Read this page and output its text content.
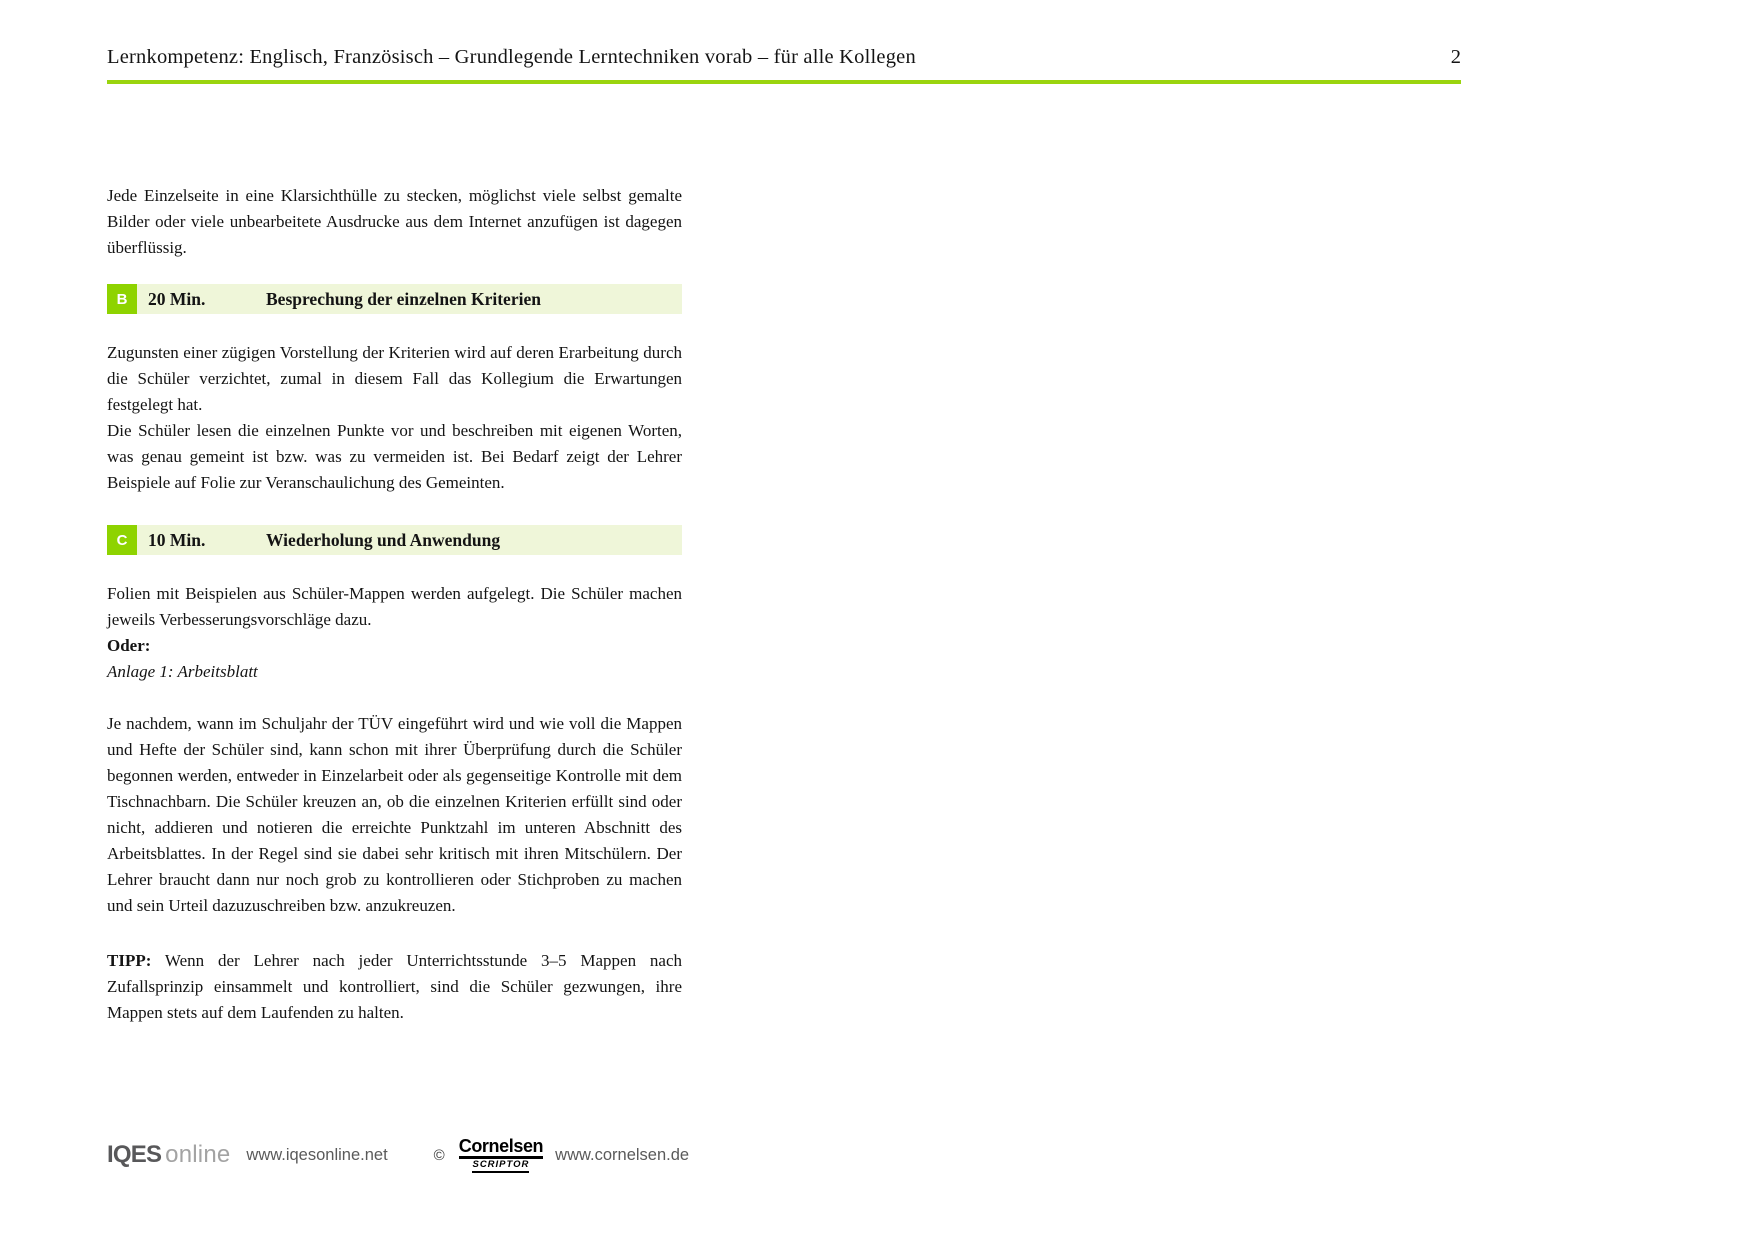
Lernkompetenz: Englisch, Französisch – Grundlegende Lerntechniken vorab – für alle Kollegen	2

Jede Einzelseite in eine Klarsichthülle zu stecken, möglichst viele selbst gemalte Bilder oder viele unbearbeitete Ausdrucke aus dem Internet anzufügen ist dagegen überflüssig.

B	20 Min.	Besprechung der einzelnen Kriterien

Zugunsten einer zügigen Vorstellung der Kriterien wird auf deren Erarbeitung durch die Schüler verzichtet, zumal in diesem Fall das Kollegium die Erwartungen festgelegt hat.

Die Schüler lesen die einzelnen Punkte vor und beschreiben mit eigenen Worten, was genau gemeint ist bzw. was zu vermeiden ist. Bei Bedarf zeigt der Lehrer Beispiele auf Folie zur Veranschaulichung des Gemeinten.

C	10 Min.	Wiederholung und Anwendung

Folien mit Beispielen aus Schüler-Mappen werden aufgelegt. Die Schüler machen jeweils Verbesserungsvorschläge dazu.

Oder:

Anlage 1: Arbeitsblatt

Je nachdem, wann im Schuljahr der TÜV eingeführt wird und wie voll die Mappen und Hefte der Schüler sind, kann schon mit ihrer Überprüfung durch die Schüler begonnen werden, entweder in Einzelarbeit oder als gegenseitige Kontrolle mit dem Tischnachbarn. Die Schüler kreuzen an, ob die einzelnen Kriterien erfüllt sind oder nicht, addieren und notieren die erreichte Punktzahl im unteren Abschnitt des Arbeitsblattes. In der Regel sind sie dabei sehr kritisch mit ihren Mitschülern. Der Lehrer braucht dann nur noch grob zu kontrollieren oder Stichproben zu machen und sein Urteil dazuzuschreiben bzw. anzukreuzen.

TIPP: Wenn der Lehrer nach jeder Unterrichtsstunde 3–5 Mappen nach Zufallsprinzip einsammelt und kontrolliert, sind die Schüler gezwungen, ihre Mappen stets auf dem Laufenden zu halten.

IQES online www.iqesonline.net	© Cornelsen
SCRIPTOR
www.cornelsen.de
